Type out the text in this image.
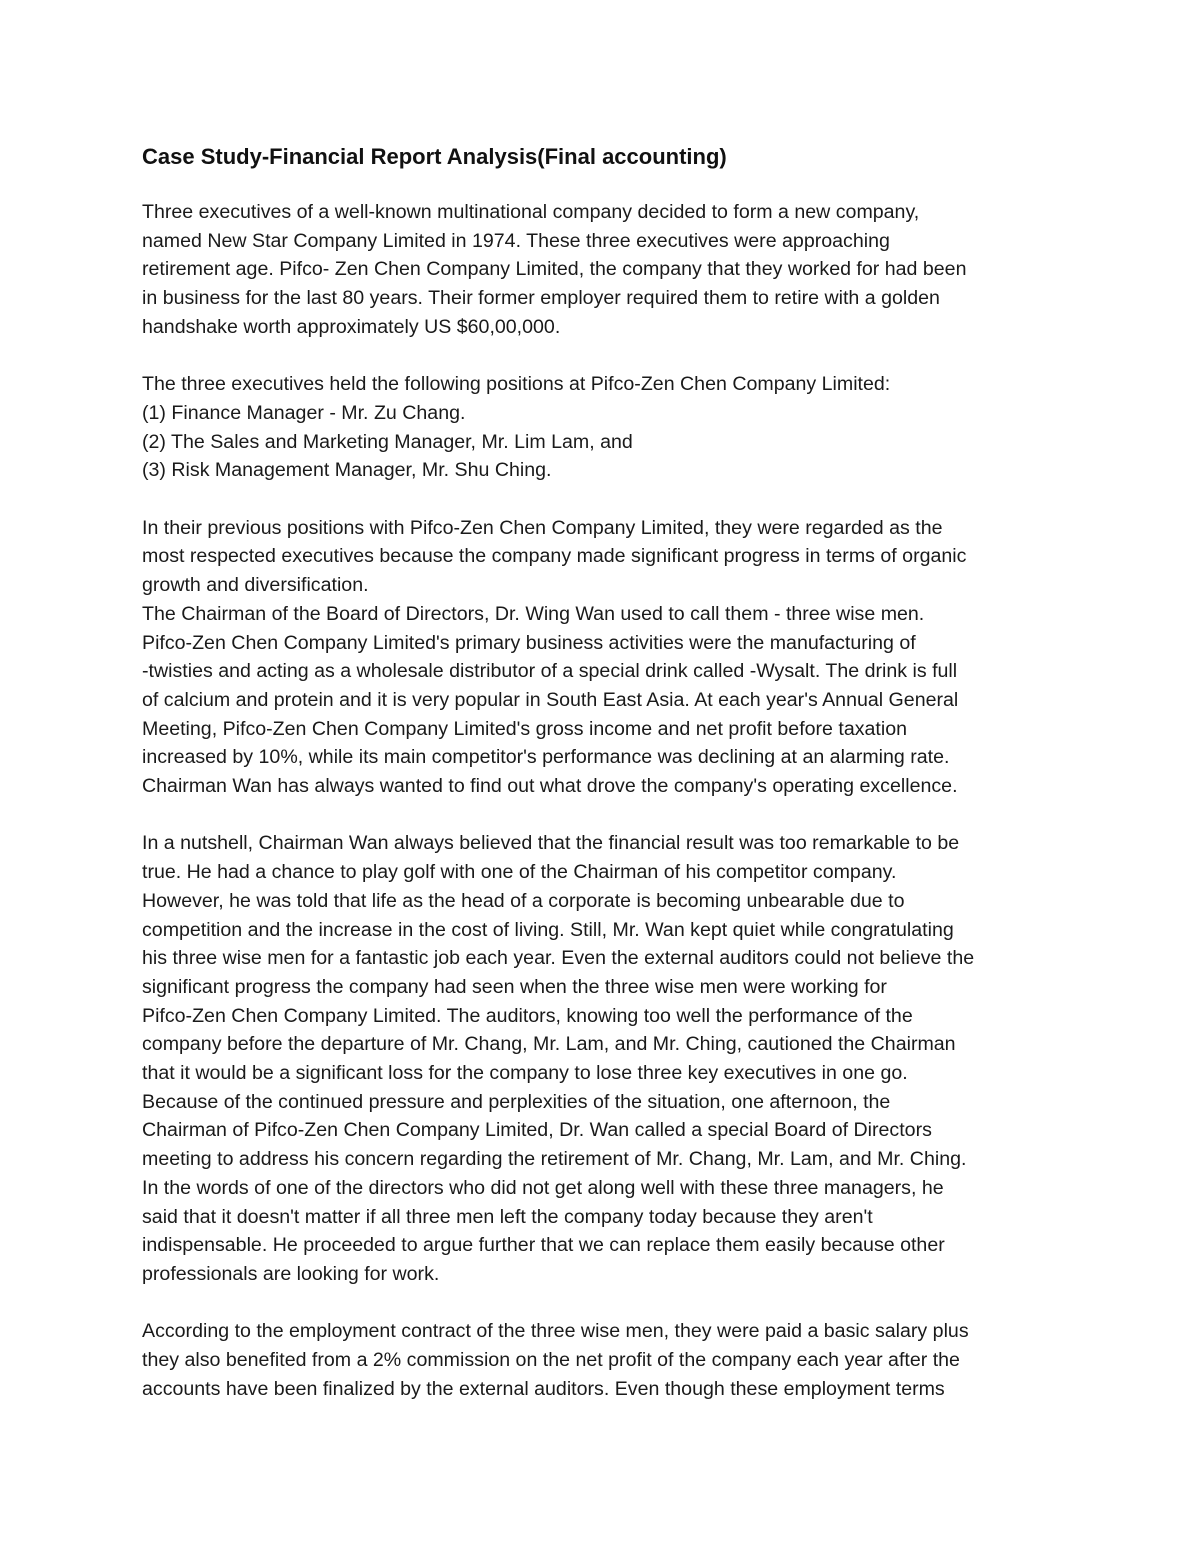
Case Study-Financial Report Analysis(Final accounting)
Three executives of a well-known multinational company decided to form a new company,
named New Star Company Limited in 1974. These three executives were approaching
retirement age. Pifco- Zen Chen Company Limited, the company that they worked for had been
in business for the last 80 years. Their former employer required them to retire with a golden
handshake worth approximately US $60,00,000.
The three executives held the following positions at Pifco-Zen Chen Company Limited:
(1) Finance Manager - Mr. Zu Chang.
(2) The Sales and Marketing Manager, Mr. Lim Lam, and
(3) Risk Management Manager, Mr. Shu Ching.
In their previous positions with Pifco-Zen Chen Company Limited, they were regarded as the
most respected executives because the company made significant progress in terms of organic
growth and diversification.
The Chairman of the Board of Directors, Dr. Wing Wan used to call them - three wise men.
Pifco-Zen Chen Company Limited's primary business activities were the manufacturing of
-twisties and acting as a wholesale distributor of a special drink called -Wysalt. The drink is full
of calcium and protein and it is very popular in South East Asia. At each year's Annual General
Meeting, Pifco-Zen Chen Company Limited's gross income and net profit before taxation
increased by 10%, while its main competitor's performance was declining at an alarming rate.
Chairman Wan has always wanted to find out what drove the company's operating excellence.
In a nutshell, Chairman Wan always believed that the financial result was too remarkable to be
true. He had a chance to play golf with one of the Chairman of his competitor company.
However, he was told that life as the head of a corporate is becoming unbearable due to
competition and the increase in the cost of living. Still, Mr. Wan kept quiet while congratulating
his three wise men for a fantastic job each year. Even the external auditors could not believe the
significant progress the company had seen when the three wise men were working for
Pifco-Zen Chen Company Limited. The auditors, knowing too well the performance of the
company before the departure of Mr. Chang, Mr. Lam, and Mr. Ching, cautioned the Chairman
that it would be a significant loss for the company to lose three key executives in one go.
Because of the continued pressure and perplexities of the situation, one afternoon, the
Chairman of Pifco-Zen Chen Company Limited, Dr. Wan called a special Board of Directors
meeting to address his concern regarding the retirement of Mr. Chang, Mr. Lam, and Mr. Ching.
In the words of one of the directors who did not get along well with these three managers, he
said that it doesn't matter if all three men left the company today because they aren't
indispensable. He proceeded to argue further that we can replace them easily because other
professionals are looking for work.
According to the employment contract of the three wise men, they were paid a basic salary plus
they also benefited from a 2% commission on the net profit of the company each year after the
accounts have been finalized by the external auditors. Even though these employment terms
